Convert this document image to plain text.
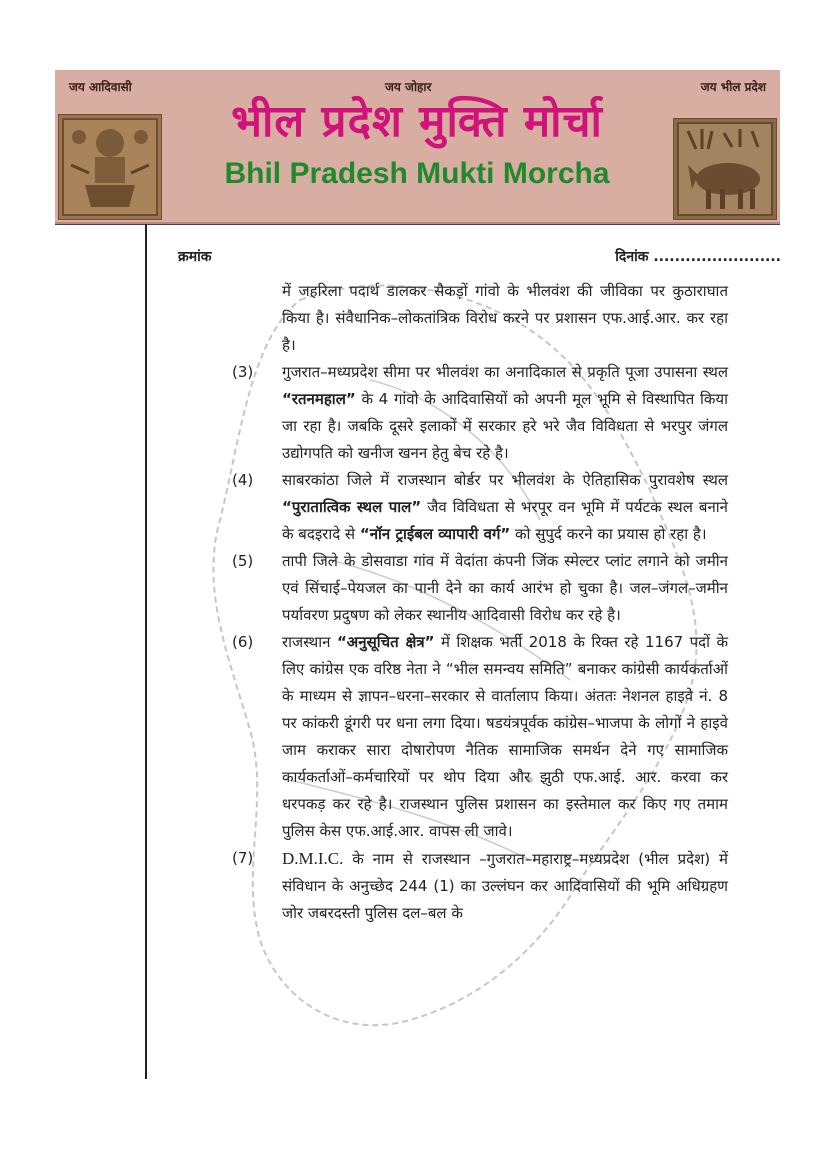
जय आदिवासी	जय जोहार	जय भील प्रदेश
भील प्रदेश मुक्ति मोर्चा
Bhil Pradesh Mukti Morcha
क्रमांक	दिनांक ........................
में जहरिला पदार्थ डालकर सैकड़ों गांवो के भीलवंश की जीविका पर कुठाराघात किया है। संवैधानिक–लोकतांत्रिक विरोध करने पर प्रशासन एफ.आई.आर. कर रहा है।
(3) गुजरात–मध्यप्रदेश सीमा पर भीलवंश का अनादिकाल से प्रकृति पूजा उपासना स्थल “रतनमहाल” के 4 गांवो के आदिवासियों को अपनी मूल भूमि से विस्थापित किया जा रहा है। जबकि दूसरे इलाकों में सरकार हरे भरे जैव विविधता से भरपुर जंगल उद्योगपति को खनीज खनन हेतु बेच रहे है।
(4) साबरकांठा जिले में राजस्थान बोर्डर पर भीलवंश के ऐतिहासिक पुरावशेष स्थल “पुरातात्विक स्थल पाल” जैव विविधता से भरपूर वन भूमि में पर्यटक स्थल बनाने के बदइरादे से “नॉन ट्राईबल व्यापारी वर्ग” को सुपुर्द करने का प्रयास हो रहा है।
(5) तापी जिले के डोसवाडा गांव में वेदांता कंपनी जिंक स्मेल्टर प्लांट लगाने को जमीन एवं सिंचाई–पेयजल का पानी देने का कार्य आरंभ हो चुका है। जल–जंगल–जमीन पर्यावरण प्रदुषण को लेकर स्थानीय आदिवासी विरोध कर रहे है।
(6) राजस्थान “अनुसूचित क्षेत्र” में शिक्षक भर्ती 2018 के रिक्त रहे 1167 पदों के लिए कांग्रेस एक वरिष्ठ नेता ने “भील समन्वय समिति” बनाकर कांग्रेसी कार्यकर्ताओं के माध्यम से ज्ञापन–धरना–सरकार से वार्तालाप किया। अंततः नेशनल हाइवे नं. 8 पर कांकरी डूंगरी पर धना लगा दिया। षडयंत्रपूर्वक कांग्रेस–भाजपा के लोगों ने हाइवे जाम कराकर सारा दोषारोपण नैतिक सामाजिक समर्थन देने गए सामाजिक कार्यकर्ताओं–कर्मचारियों पर थोप दिया और झुठी एफ.आई. आर. करवा कर धरपकड़ कर रहे है। राजस्थान पुलिस प्रशासन का इस्तेमाल कर किए गए तमाम पुलिस केस एफ.आई.आर. वापस ली जावे।
(7) D.M.I.C. के नाम से राजस्थान –गुजरात–महाराष्ट्र–मध्यप्रदेश (भील प्रदेश) में संविधान के अनुच्छेद 244 (1) का उल्लंघन कर आदिवासियों की भूमि अधिग्रहण जोर जबरदस्ती पुलिस दल–बल के
